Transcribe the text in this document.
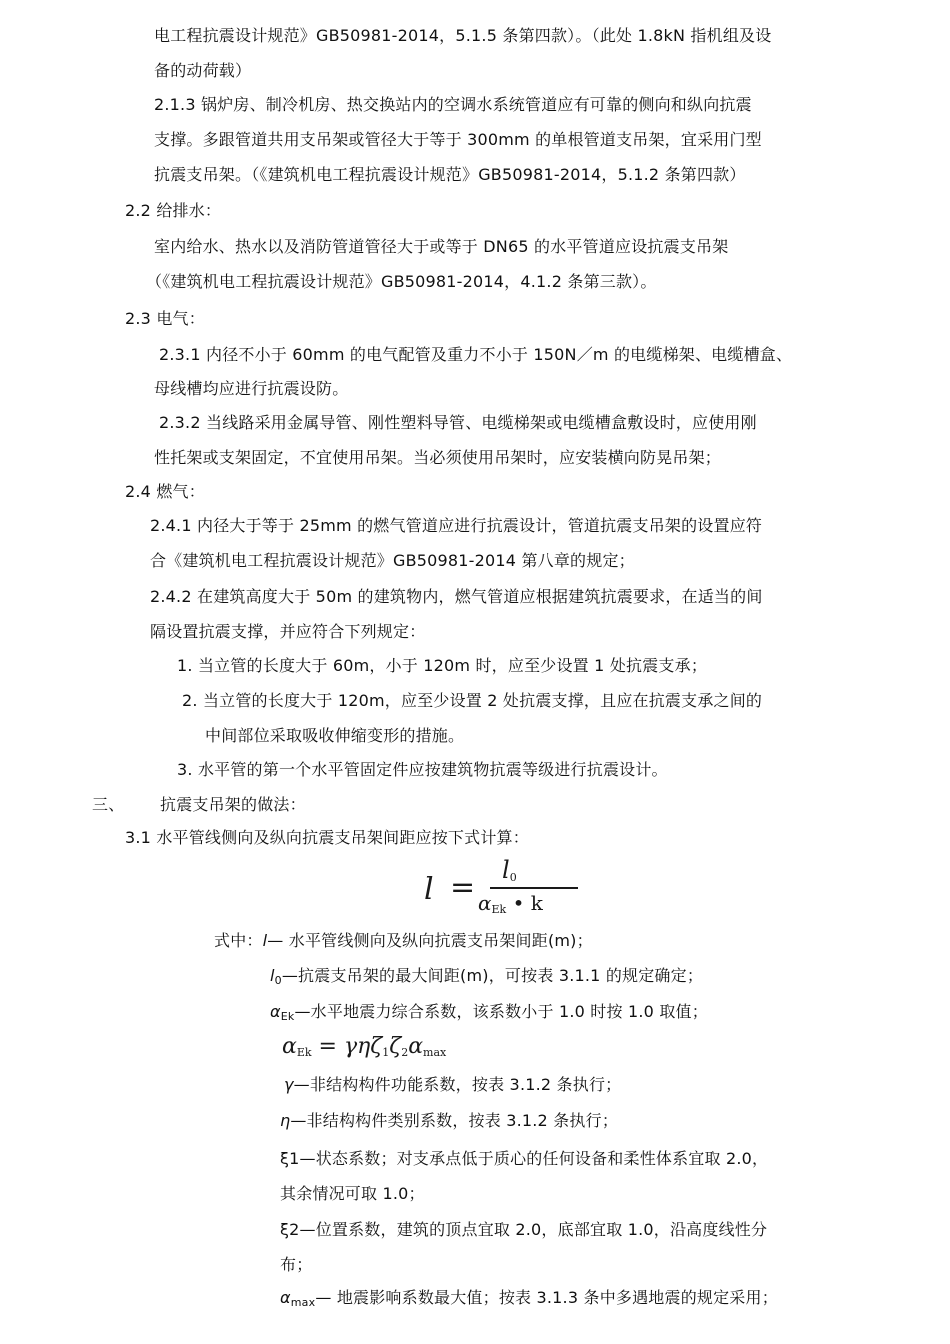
电工程抗震设计规范》GB50981-2014，5.1.5 条第四款）。（此处 1.8kN 指机组及设
备的动荷载）
2.1.3 锅炉房、制冷机房、热交换站内的空调水系统管道应有可靠的侧向和纵向抗震
支撑。多跟管道共用支吊架或管径大于等于 300mm 的单根管道支吊架，宜采用门型
抗震支吊架。（《建筑机电工程抗震设计规范》GB50981-2014，5.1.2 条第四款）
2.2 给排水：
室内给水、热水以及消防管道管径大于或等于 DN65 的水平管道应设抗震支吊架
（《建筑机电工程抗震设计规范》GB50981-2014，4.1.2 条第三款）。
2.3 电气：
2.3.1 内径不小于 60mm 的电气配管及重力不小于 150N／m 的电缆梯架、电缆槽盒、
母线槽均应进行抗震设防。
2.3.2 当线路采用金属导管、刚性塑料导管、电缆梯架或电缆槽盒敷设时，应使用刚
性托架或支架固定，不宜使用吊架。当必须使用吊架时，应安装横向防晃吊架；
2.4 燃气：
2.4.1 内径大于等于 25mm 的燃气管道应进行抗震设计，管道抗震支吊架的设置应符
合《建筑机电工程抗震设计规范》GB50981-2014 第八章的规定；
2.4.2 在建筑高度大于 50m 的建筑物内，燃气管道应根据建筑抗震要求，在适当的间
隔设置抗震支撑，并应符合下列规定：
1. 当立管的长度大于 60m，小于 120m 时，应至少设置 1 处抗震支承；
2. 当立管的长度大于 120m，应至少设置 2 处抗震支撑，且应在抗震支承之间的
中间部位采取吸收伸缩变形的措施。
3. 水平管的第一个水平管固定件应按建筑物抗震等级进行抗震设计。
三、 抗震支吊架的做法：
3.1 水平管线侧向及纵向抗震支吊架间距应按下式计算：
$l = l_0$
$\alpha_{Ek}$ • k
式中：l— 水平管线侧向及纵向抗震支吊架间距(m)；
$l_0—$抗震支吊架的最大间距(m)，可按表 3.1.1 的规定确定；
$\alpha_{Ek}—$水平地震力综合系数，该系数小于 1.0 时按 1.0 取值；
$\alpha_{Ek} = \gamma\eta\zeta_1\zeta_2\alpha_{max}$
γ—非结构构件功能系数，按表 3.1.2 条执行；
η—非结构构件类别系数，按表 3.1.2 条执行；
ξ1—状态系数；对支承点低于质心的任何设备和柔性体系宜取 2.0，
其余情况可取 1.0；
ξ2—位置系数，建筑的顶点宜取 2.0，底部宜取 1.0，沿高度线性分
布；
$\alpha_{max}—$ 地震影响系数最大值；按表 3.1.3 条中多遇地震的规定采用；
